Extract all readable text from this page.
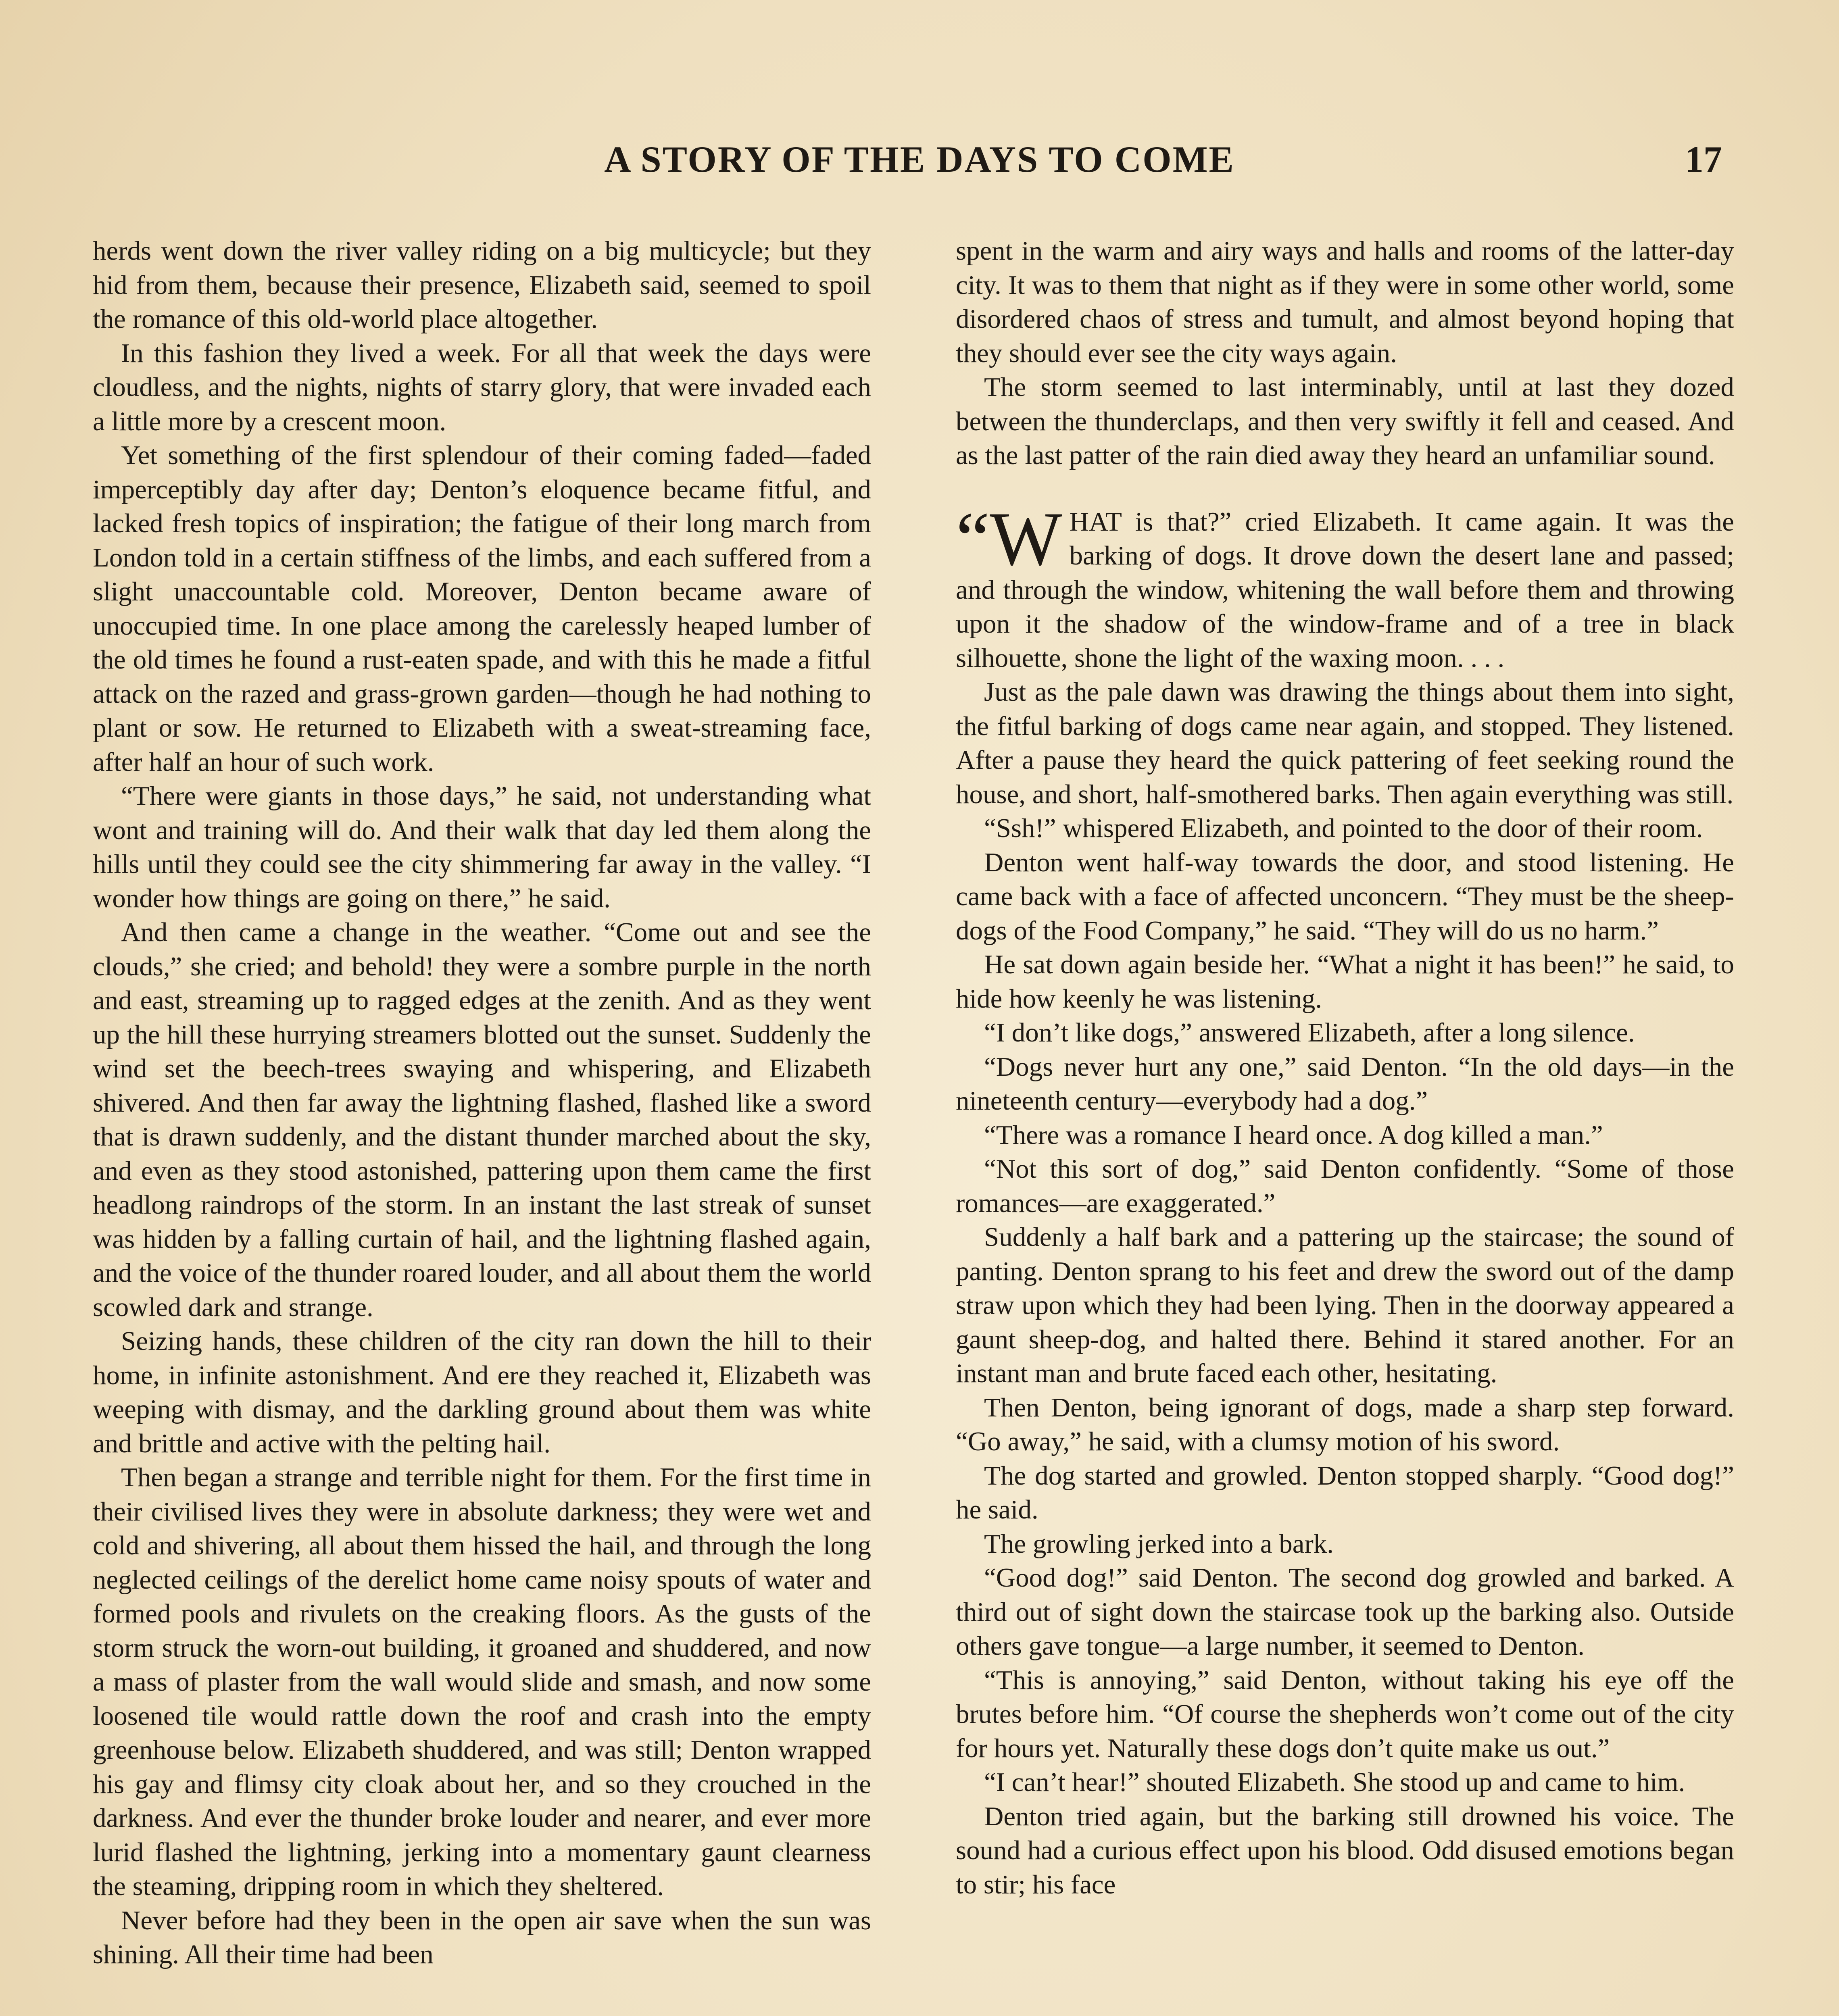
A STORY OF THE DAYS TO COME	17

herds went down the river valley riding on a big multicycle; but they hid from them, because their presence, Elizabeth said, seemed to spoil the romance of this old-world place altogether.

In this fashion they lived a week. For all that week the days were cloudless, and the nights, nights of starry glory, that were invaded each a little more by a crescent moon.

Yet something of the first splendour of their coming faded—faded imperceptibly day after day; Denton’s eloquence became fitful, and lacked fresh topics of inspiration; the fatigue of their long march from London told in a certain stiffness of the limbs, and each suffered from a slight unaccountable cold. Moreover, Denton became aware of unoccupied time. In one place among the carelessly heaped lumber of the old times he found a rust-eaten spade, and with this he made a fitful attack on the razed and grass-grown garden—though he had nothing to plant or sow. He returned to Elizabeth with a sweat-streaming face, after half an hour of such work.

“There were giants in those days,” he said, not understanding what wont and training will do. And their walk that day led them along the hills until they could see the city shimmering far away in the valley. “I wonder how things are going on there,” he said.

And then came a change in the weather. “Come out and see the clouds,” she cried; and behold! they were a sombre purple in the north and east, streaming up to ragged edges at the zenith. And as they went up the hill these hurrying streamers blotted out the sunset. Suddenly the wind set the beech-trees swaying and whispering, and Elizabeth shivered. And then far away the lightning flashed, flashed like a sword that is drawn suddenly, and the distant thunder marched about the sky, and even as they stood astonished, pattering upon them came the first headlong raindrops of the storm. In an instant the last streak of sunset was hidden by a falling curtain of hail, and the lightning flashed again, and the voice of the thunder roared louder, and all about them the world scowled dark and strange.

Seizing hands, these children of the city ran down the hill to their home, in infinite astonishment. And ere they reached it, Elizabeth was weeping with dismay, and the darkling ground about them was white and brittle and active with the pelting hail.

Then began a strange and terrible night for them. For the first time in their civilised lives they were in absolute darkness; they were wet and cold and shivering, all about them hissed the hail, and through the long neglected ceilings of the derelict home came noisy spouts of water and formed pools and rivulets on the creaking floors. As the gusts of the storm struck the worn-out building, it groaned and shuddered, and now a mass of plaster from the wall would slide and smash, and now some loosened tile would rattle down the roof and crash into the empty greenhouse below. Elizabeth shuddered, and was still; Denton wrapped his gay and flimsy city cloak about her, and so they crouched in the darkness. And ever the thunder broke louder and nearer, and ever more lurid flashed the lightning, jerking into a momentary gaunt clearness the steaming, dripping room in which they sheltered.

Never before had they been in the open air save when the sun was shining. All their time had been

spent in the warm and airy ways and halls and rooms of the latter-day city. It was to them that night as if they were in some other world, some disordered chaos of stress and tumult, and almost beyond hoping that they should ever see the city ways again.

The storm seemed to last interminably, until at last they dozed between the thunderclaps, and then very swiftly it fell and ceased. And as the last patter of the rain died away they heard an unfamiliar sound.

“WHAT is that?” cried Elizabeth. It came again. It was the barking of dogs. It drove down the desert lane and passed; and through the window, whitening the wall before them and throwing upon it the shadow of the window-frame and of a tree in black silhouette, shone the light of the waxing moon. . . .

Just as the pale dawn was drawing the things about them into sight, the fitful barking of dogs came near again, and stopped. They listened. After a pause they heard the quick pattering of feet seeking round the house, and short, half-smothered barks. Then again everything was still.

“Ssh!” whispered Elizabeth, and pointed to the door of their room.

Denton went half-way towards the door, and stood listening. He came back with a face of affected unconcern. “They must be the sheep-dogs of the Food Company,” he said. “They will do us no harm.”

He sat down again beside her. “What a night it has been!” he said, to hide how keenly he was listening.

“I don’t like dogs,” answered Elizabeth, after a long silence.

“Dogs never hurt any one,” said Denton. “In the old days—in the nineteenth century—everybody had a dog.”

“There was a romance I heard once. A dog killed a man.”

“Not this sort of dog,” said Denton confidently. “Some of those romances—are exaggerated.”

Suddenly a half bark and a pattering up the staircase; the sound of panting. Denton sprang to his feet and drew the sword out of the damp straw upon which they had been lying. Then in the doorway appeared a gaunt sheep-dog, and halted there. Behind it stared another. For an instant man and brute faced each other, hesitating.

Then Denton, being ignorant of dogs, made a sharp step forward. “Go away,” he said, with a clumsy motion of his sword.

The dog started and growled. Denton stopped sharply. “Good dog!” he said.

The growling jerked into a bark.

“Good dog!” said Denton. The second dog growled and barked. A third out of sight down the staircase took up the barking also. Outside others gave tongue—a large number, it seemed to Denton.

“This is annoying,” said Denton, without taking his eye off the brutes before him. “Of course the shepherds won’t come out of the city for hours yet. Naturally these dogs don’t quite make us out.”

“I can’t hear!” shouted Elizabeth. She stood up and came to him.

Denton tried again, but the barking still drowned his voice. The sound had a curious effect upon his blood. Odd disused emotions began to stir; his face
